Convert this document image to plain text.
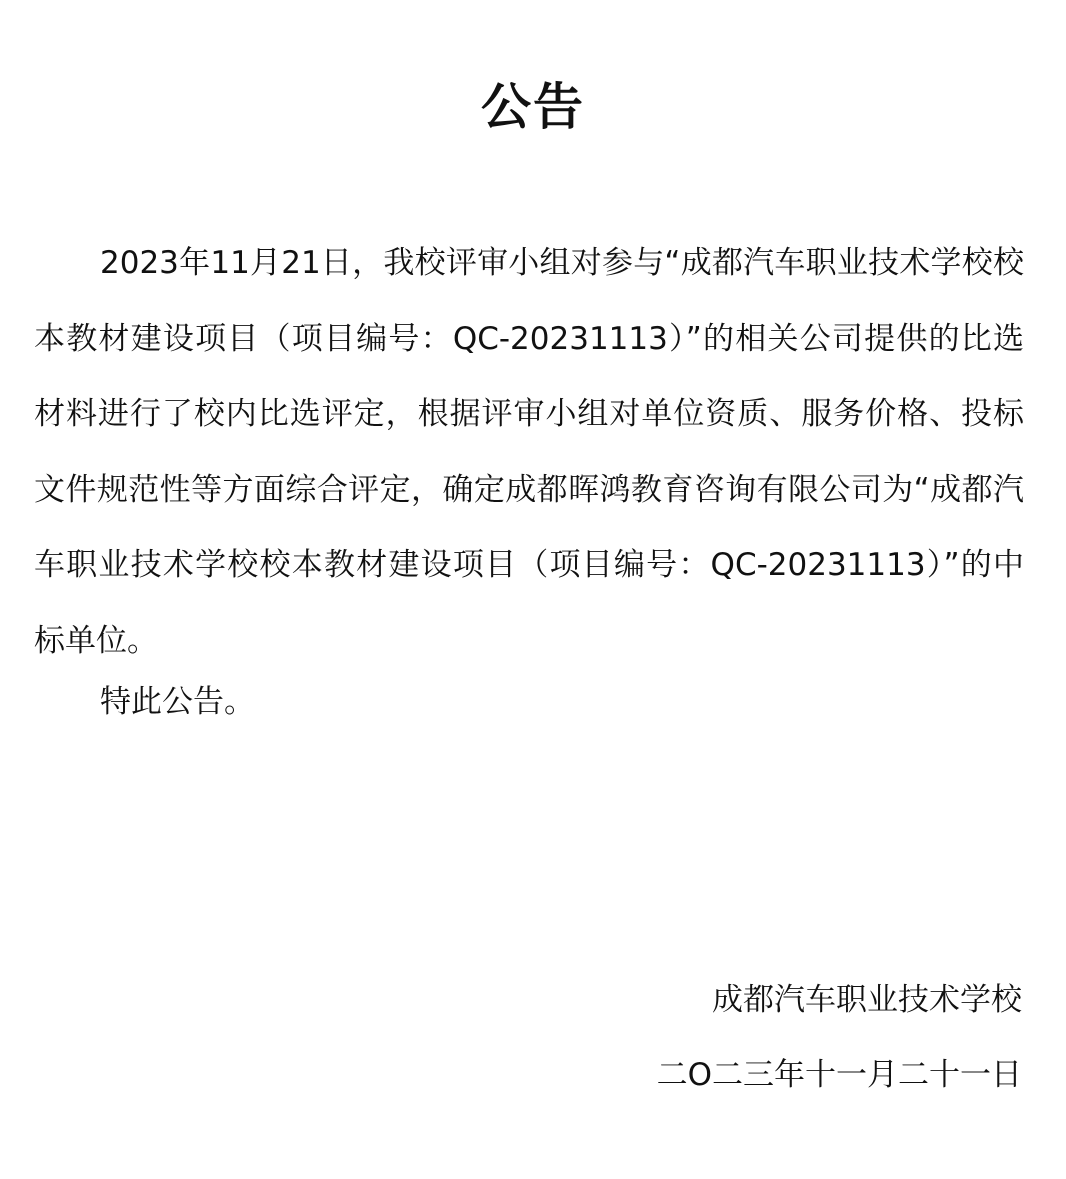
公告

2023年11月21日，我校评审小组对参与“成都汽车职业技术学校校本教材建设项目（项目编号：QC-20231113）”的相关公司提供的比选材料进行了校内比选评定，根据评审小组对单位资质、服务价格、投标文件规范性等方面综合评定，确定成都晖鸿教育咨询有限公司为“成都汽车职业技术学校校本教材建设项目（项目编号：QC-20231113）”的中标单位。

特此公告。
成都汽车职业技术学校
二O二三年十一月二十一日
